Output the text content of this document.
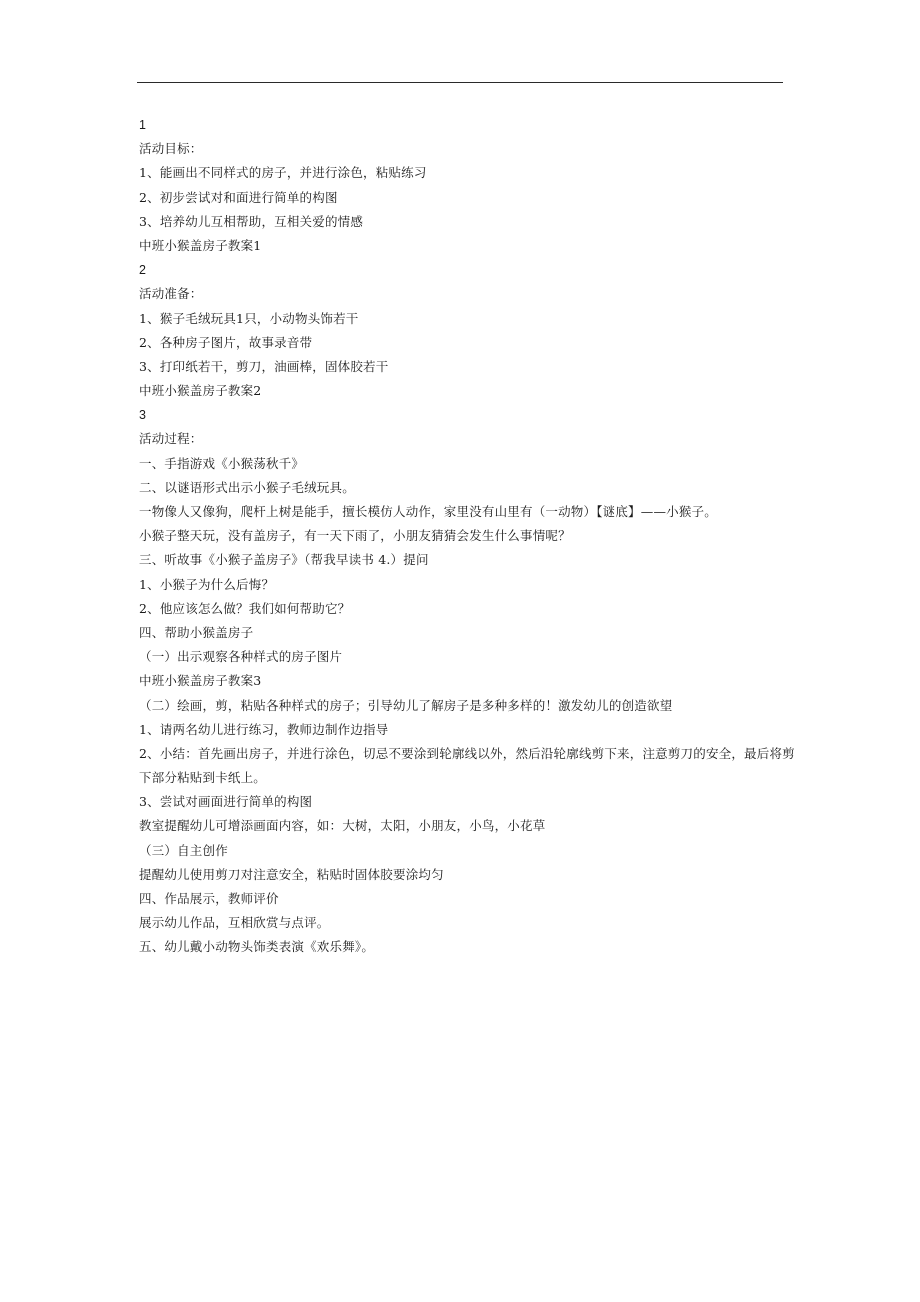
1
活动目标：
1、能画出不同样式的房子，并进行涂色，粘贴练习
2、初步尝试对和面进行简单的构图
3、培养幼儿互相帮助，互相关爱的情感
中班小猴盖房子教案1
2
活动准备：
1、猴子毛绒玩具1只，小动物头饰若干
2、各种房子图片，故事录音带
3、打印纸若干，剪刀，油画棒，固体胶若干
中班小猴盖房子教案2
3
活动过程：
一、手指游戏《小猴荡秋千》
二、以谜语形式出示小猴子毛绒玩具。
一物像人又像狗，爬杆上树是能手，擅长模仿人动作，家里没有山里有（一动物）【谜底】——小猴子。
小猴子整天玩，没有盖房子，有一天下雨了，小朋友猜猜会发生什么事情呢？
三、听故事《小猴子盖房子》（帮我早读书 4.）提问
1、小猴子为什么后悔？
2、他应该怎么做？我们如何帮助它？
四、帮助小猴盖房子
（一）出示观察各种样式的房子图片
中班小猴盖房子教案3
（二）绘画，剪，粘贴各种样式的房子；引导幼儿了解房子是多种多样的！激发幼儿的创造欲望
1、请两名幼儿进行练习，教师边制作边指导
2、小结：首先画出房子，并进行涂色，切忌不要涂到轮廓线以外，然后沿轮廓线剪下来，注意剪刀的安全，最后将剪
下部分粘贴到卡纸上。
3、尝试对画面进行简单的构图
教室提醒幼儿可增添画面内容，如：大树，太阳，小朋友，小鸟，小花草
（三）自主创作
提醒幼儿使用剪刀对注意安全，粘贴时固体胶要涂均匀
四、作品展示，教师评价
展示幼儿作品，互相欣赏与点评。
五、幼儿戴小动物头饰类表演《欢乐舞》。
